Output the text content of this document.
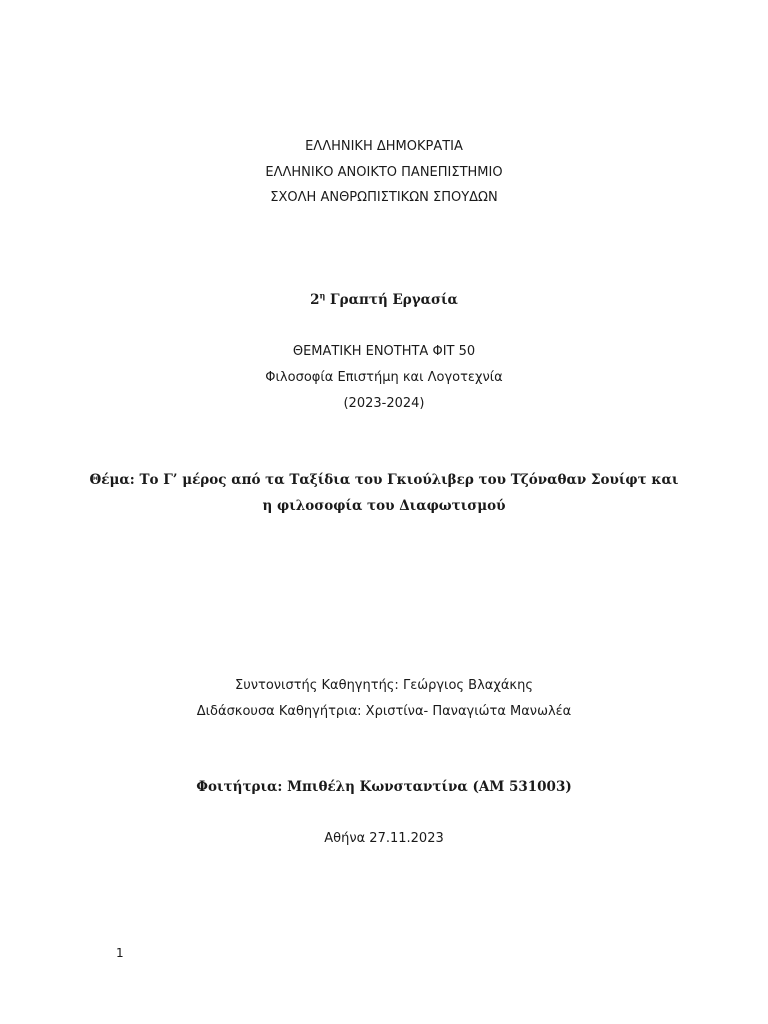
ΕΛΛΗΝΙΚΗ ΔΗΜΟΚΡΑΤΙΑ
ΕΛΛΗΝΙΚΟ ΑΝΟΙΚΤΟ ΠΑΝΕΠΙΣΤΗΜΙΟ
ΣΧΟΛΗ ΑΝΘΡΩΠΙΣΤΙΚΩΝ ΣΠΟΥΔΩΝ
$2^\eta$ Γραπτή Εργασία
ΘΕΜΑΤΙΚΗ ΕΝΟΤΗΤΑ ΦΙΤ 50
Φιλοσοφία Επιστήμη και Λογοτεχνία
(2023-2024)
Θέμα: Το Γ’ μέρος από τα Ταξίδια του Γκιούλιβερ του Τζόναθαν Σουίφτ και
η φιλοσοφία του Διαφωτισμού
Συντονιστής Καθηγητής: Γεώργιος Βλαχάκης
Διδάσκουσα Καθηγήτρια: Χριστίνα- Παναγιώτα Μανωλέα
Φοιτήτρια: Μπιθέλη Κωνσταντίνα (ΑΜ 531003)
Αθήνα 27.11.2023
1
